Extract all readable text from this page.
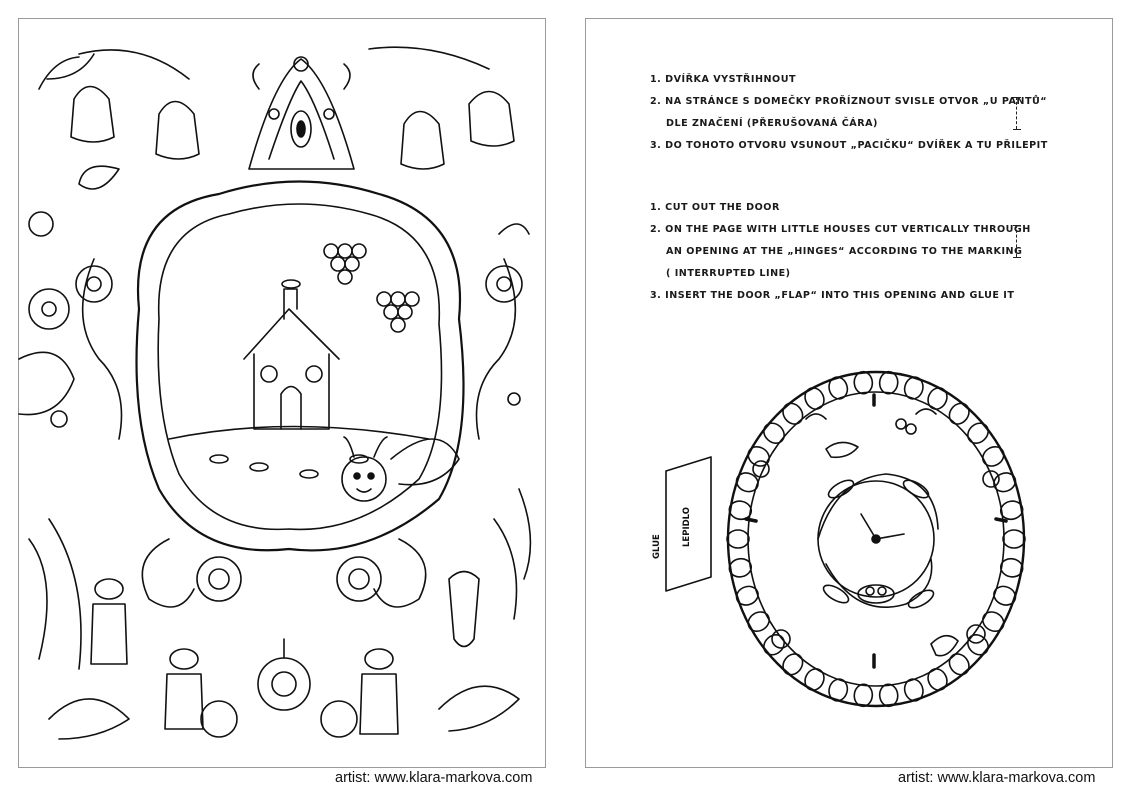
artist: www.klara-markova.com
1. DVÍŘKA VYSTŘIHNOUT
2. NA STRÁNCE S DOMEČKY PROŘÍZNOUT SVISLE OTVOR „U PANTŮ“
DLE ZNAČENÍ (PŘERUŠOVANÁ ČÁRA)
3. DO TOHOTO OTVORU VSUNOUT „PACIČKU“ DVÍŘEK A TU PŘILEPIT
1. CUT OUT THE DOOR
2. ON THE PAGE WITH LITTLE HOUSES CUT VERTICALLY THROUGH
AN OPENING AT THE „HINGES“ ACCORDING TO THE MARKING
( INTERRUPTED LINE)
3. INSERT THE DOOR „FLAP“ INTO THIS OPENING AND GLUE IT
LEPIDLO
GLUE
artist: www.klara-markova.com
